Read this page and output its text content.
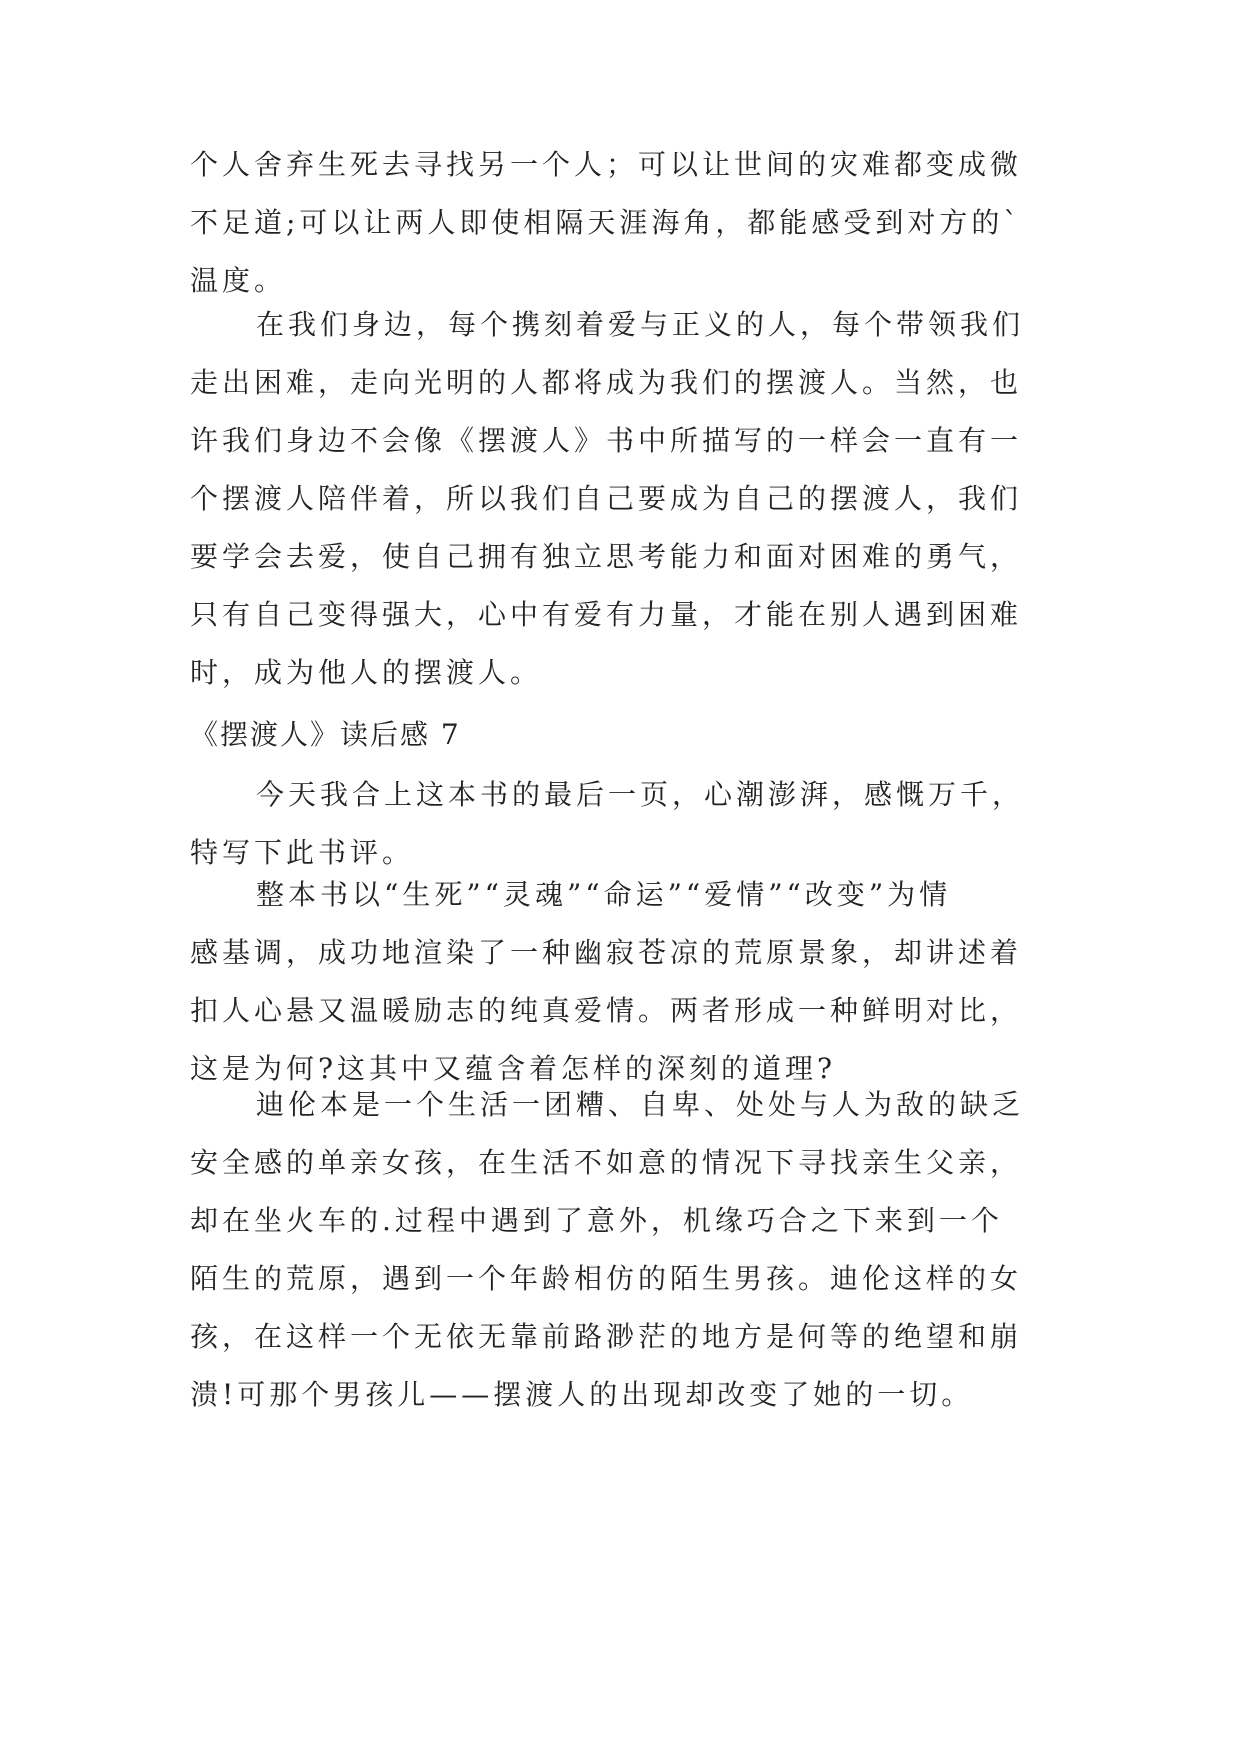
个人舍弃生死去寻找另一个人；可以让世间的灾难都变成微
不足道;可以让两人即使相隔天涯海角，都能感受到对方的`
温度。
在我们身边，每个携刻着爱与正义的人，每个带领我们
走出困难，走向光明的人都将成为我们的摆渡人。当然，也
许我们身边不会像《摆渡人》书中所描写的一样会一直有一
个摆渡人陪伴着，所以我们自己要成为自己的摆渡人，我们
要学会去爱，使自己拥有独立思考能力和面对困难的勇气，
只有自己变得强大，心中有爱有力量，才能在别人遇到困难
时，成为他人的摆渡人。
《摆渡人》读后感 7
今天我合上这本书的最后一页，心潮澎湃，感慨万千，
特写下此书评。
整本书以“生死”“灵魂”“命运”“爱情”“改变”为情
感基调，成功地渲染了一种幽寂苍凉的荒原景象，却讲述着
扣人心悬又温暖励志的纯真爱情。两者形成一种鲜明对比，
这是为何?这其中又蕴含着怎样的深刻的道理?
迪伦本是一个生活一团糟、自卑、处处与人为敌的缺乏
安全感的单亲女孩，在生活不如意的情况下寻找亲生父亲，
却在坐火车的.过程中遇到了意外，机缘巧合之下来到一个
陌生的荒原，遇到一个年龄相仿的陌生男孩。迪伦这样的女
孩，在这样一个无依无靠前路渺茫的地方是何等的绝望和崩
溃!可那个男孩儿——摆渡人的出现却改变了她的一切。
